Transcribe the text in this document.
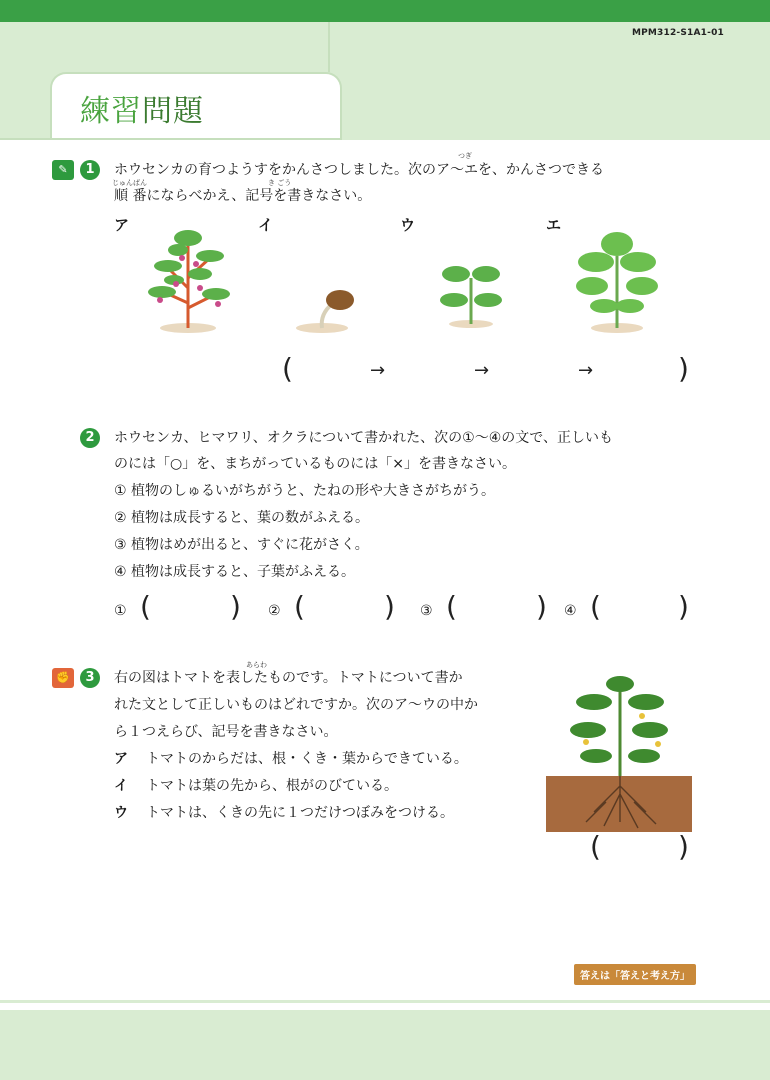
MPM312-S1A1-01
練習問題
✎	1
つぎ
じゅんばん	き ごう
ホウセンカの育つようすをかんさつしました。次のア〜エを、かんさつできる
順 番にならべかえ、記号を書きなさい。
ア	イ	ウ	エ
(	→	→	→	)
2	ホウセンカ、ヒマワリ、オクラについて書かれた、次の①〜④の文で、正しいも
のには「○」を、まちがっているものには「×」を書きなさい。
① 植物のしゅるいがちがうと、たねの形や大きさがちがう。
② 植物は成長すると、葉の数がふえる。
③ 植物はめが出ると、すぐに花がさく。
④ 植物は成長すると、子葉がふえる。
① (	) ② (	) ③ (	) ④ (	)
✊	3
あらわ
右の図はトマトを表したものです。トマトについて書か
れた文として正しいものはどれですか。次のア〜ウの中か
ら１つえらび、記号を書きなさい。
ア トマトのからだは、根・くき・葉からできている。
イ トマトは葉の先から、根がのびている。
ウ トマトは、くきの先に１つだけつぼみをつける。
(	)
答えは「答えと考え方」
